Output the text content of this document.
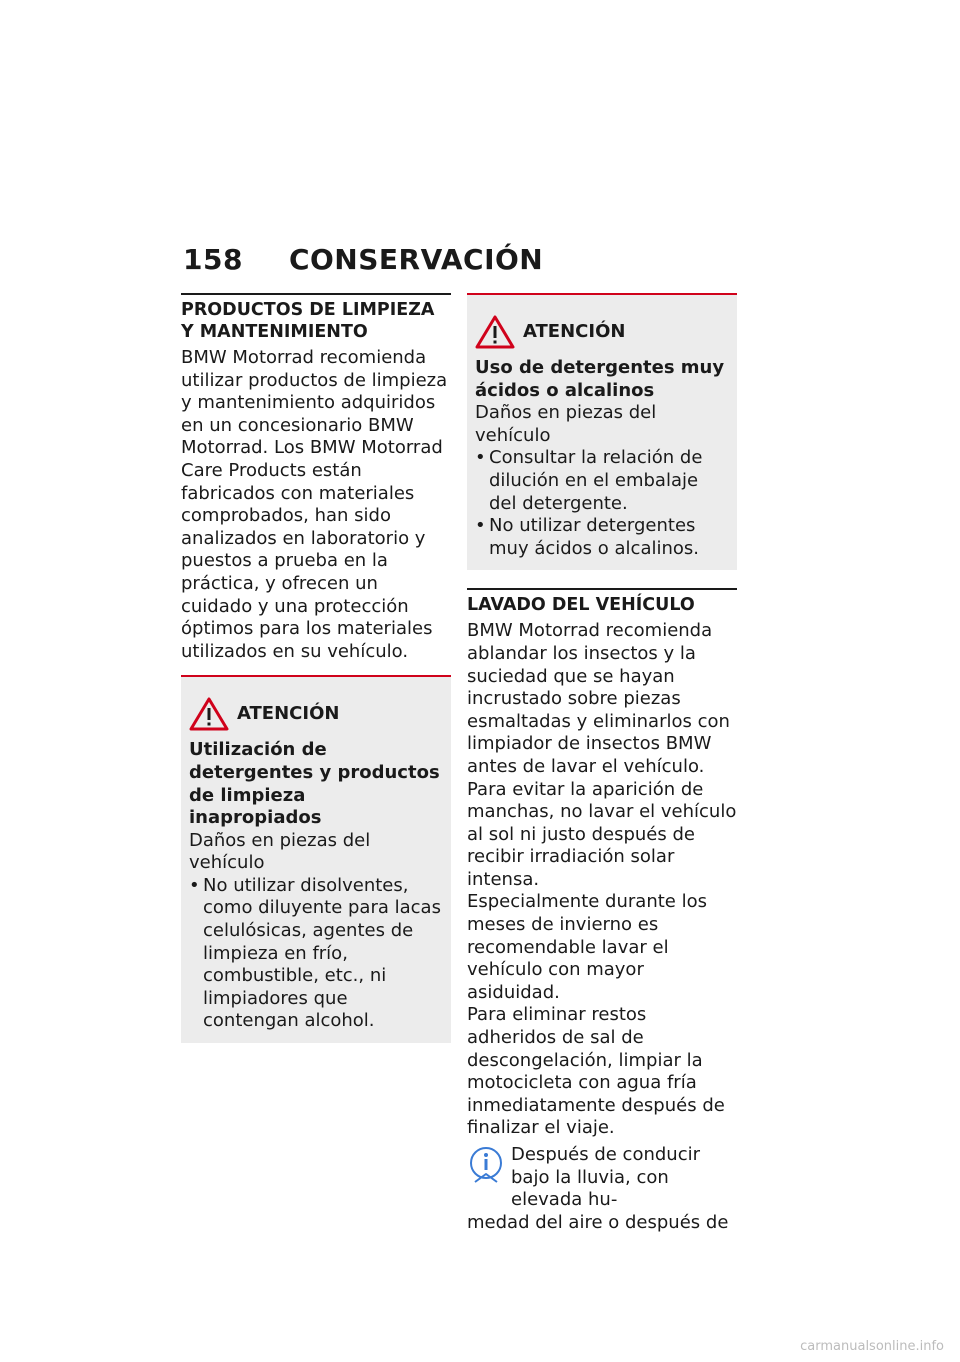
158 CONSERVACIÓN
PRODUCTOS DE LIMPIEZA Y MANTENIMIENTO

BMW Motorrad recomienda utilizar productos de limpieza y mantenimiento adquiridos en un concesionario BMW Motorrad. Los BMW Motorrad Care Products están fabricados con materiales comprobados, han sido analizados en laboratorio y puestos a prueba en la práctica, y ofrecen un cuidado y una protección óptimos para los materiales utilizados en su vehículo.

ATENCIÓN

Utilización de detergentes y productos de limpieza inapropiados

Daños en piezas del vehículo

• No utilizar disolventes, como diluyente para lacas celulósicas, agentes de limpieza en frío, combustible, etc., ni limpiadores que contengan alcohol.
ATENCIÓN

Uso de detergentes muy ácidos o alcalinos

Daños en piezas del vehículo

• Consultar la relación de dilución en el embalaje del detergente.
• No utilizar detergentes muy ácidos o alcalinos.
LAVADO DEL VEHÍCULO

BMW Motorrad recomienda ablandar los insectos y la suciedad que se hayan incrustado sobre piezas esmaltadas y eliminarlos con limpiador de insectos BMW antes de lavar el vehículo.

Para evitar la aparición de manchas, no lavar el vehículo al sol ni justo después de recibir irradiación solar intensa.

Especialmente durante los meses de invierno es recomendable lavar el vehículo con mayor asiduidad.

Para eliminar restos adheridos de sal de descongelación, limpiar la motocicleta con agua fría inmediatamente después de finalizar el viaje.

Después de conducir bajo la lluvia, con elevada hu-

medad del aire o después de

carmanualsonline.info
